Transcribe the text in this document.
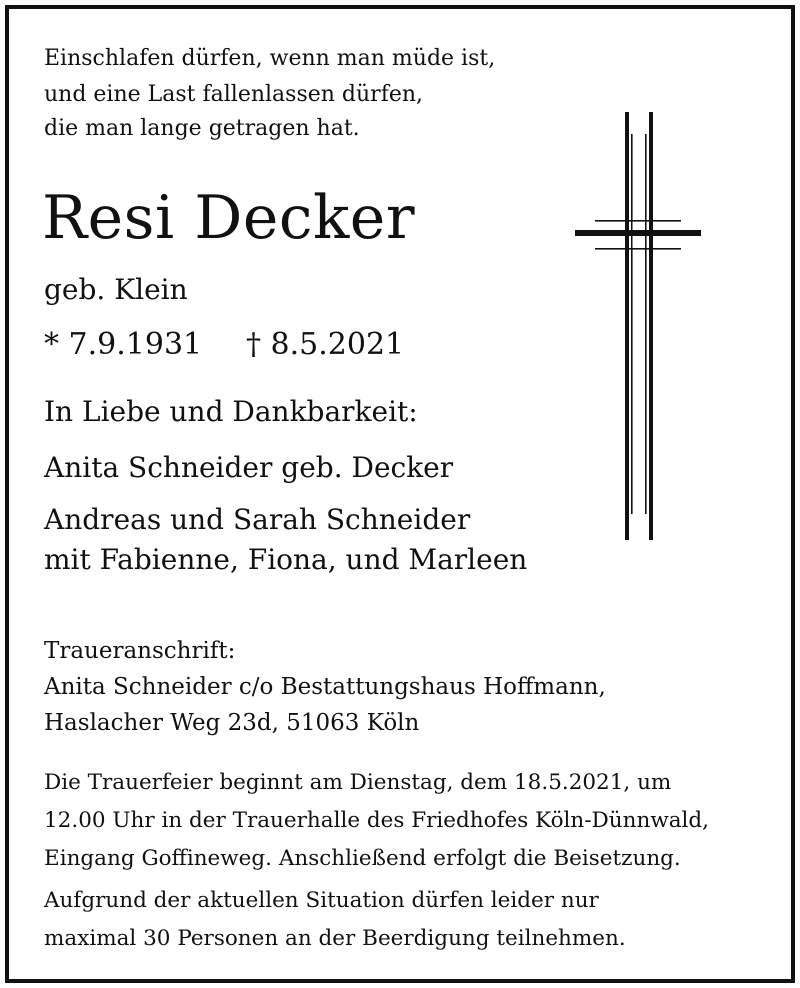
Einschlafen dürfen, wenn man müde ist,
und eine Last fallenlassen dürfen,
die man lange getragen hat.
Resi Decker
geb. Klein
* 7.9.1931 † 8.5.2021
In Liebe und Dankbarkeit:
Anita Schneider geb. Decker
Andreas und Sarah Schneider
mit Fabienne, Fiona, und Marleen
Traueranschrift:
Anita Schneider c/o Bestattungshaus Hoffmann,
Haslacher Weg 23d, 51063 Köln
Die Trauerfeier beginnt am Dienstag, dem 18.5.2021, um
12.00 Uhr in der Trauerhalle des Friedhofes Köln-Dünnwald,
Eingang Goffineweg. Anschließend erfolgt die Beisetzung.
Aufgrund der aktuellen Situation dürfen leider nur
maximal 30 Personen an der Beerdigung teilnehmen.
